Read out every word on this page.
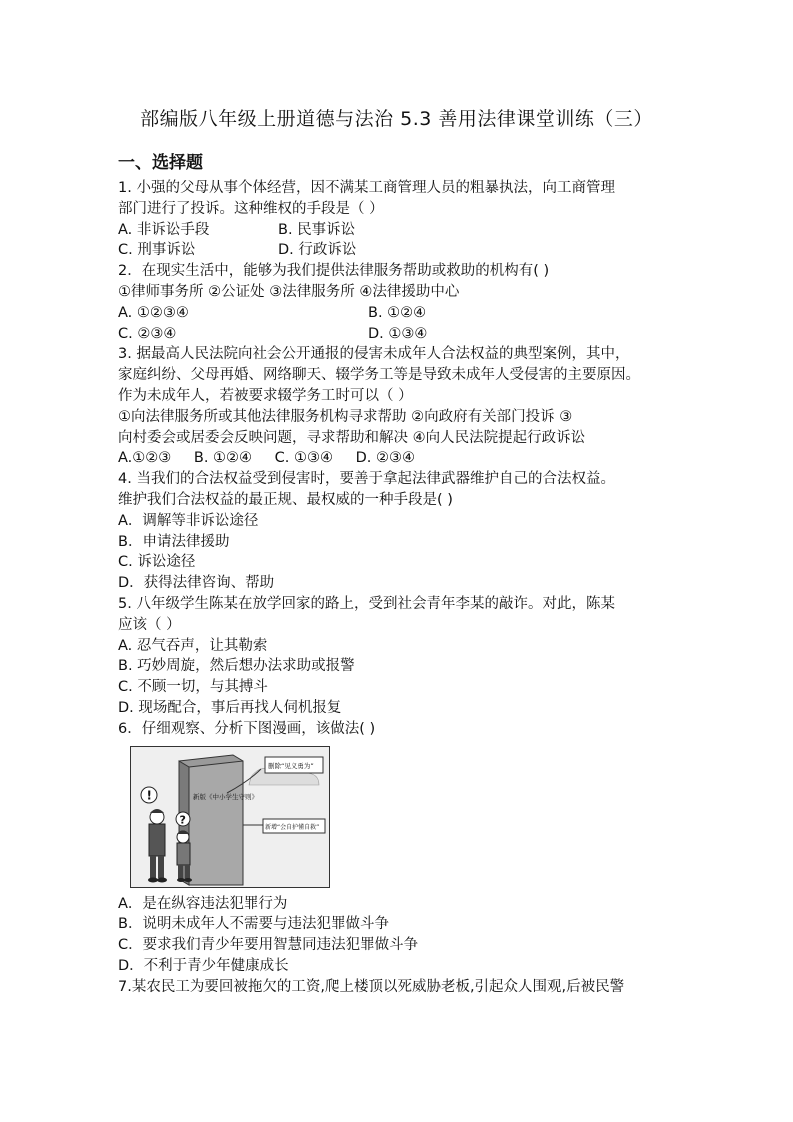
部编版八年级上册道德与法治 5.3 善用法律课堂训练（三）
一、选择题
1. 小强的父母从事个体经营，因不满某工商管理人员的粗暴执法，向工商管理
部门进行了投诉。这种维权的手段是（ ）
A. 非诉讼手段	B. 民事诉讼
C. 刑事诉讼	D. 行政诉讼
2．在现实生活中，能够为我们提供法律服务帮助或救助的机构有( )
①律师事务所 ②公证处 ③法律服务所 ④法律援助中心
A. ①②③④	B. ①②④
C. ②③④	D. ①③④
3. 据最高人民法院向社会公开通报的侵害未成年人合法权益的典型案例，其中，
家庭纠纷、父母再婚、网络聊天、辍学务工等是导致未成年人受侵害的主要原因。
作为未成年人，若被要求辍学务工时可以（ ）
①向法律服务所或其他法律服务机构寻求帮助 ②向政府有关部门投诉 ③
向村委会或居委会反映问题，寻求帮助和解决 ④向人民法院提起行政诉讼
A.①②③ B. ①②④ C. ①③④ D. ②③④
4. 当我们的合法权益受到侵害时，要善于拿起法律武器维护自己的合法权益。
维护我们合法权益的最正规、最权威的一种手段是( )
A．调解等非诉讼途径
B．申请法律援助
C. 诉讼途径
D．获得法律咨询、帮助
5. 八年级学生陈某在放学回家的路上，受到社会青年李某的敲诈。对此，陈某
应该（ ）
A. 忍气吞声，让其勒索
B. 巧妙周旋，然后想办法求助或报警
C. 不顾一切，与其搏斗
D. 现场配合，事后再找人伺机报复
6．仔细观察、分析下图漫画，该做法( )
新版《中小学生守则》
删除“见义勇为”
新增“会自护懂自救”
!
?
A．是在纵容违法犯罪行为
B．说明未成年人不需要与违法犯罪做斗争
C．要求我们青少年要用智慧同违法犯罪做斗争
D．不利于青少年健康成长
7.某农民工为要回被拖欠的工资,爬上楼顶以死威胁老板,引起众人围观,后被民警
